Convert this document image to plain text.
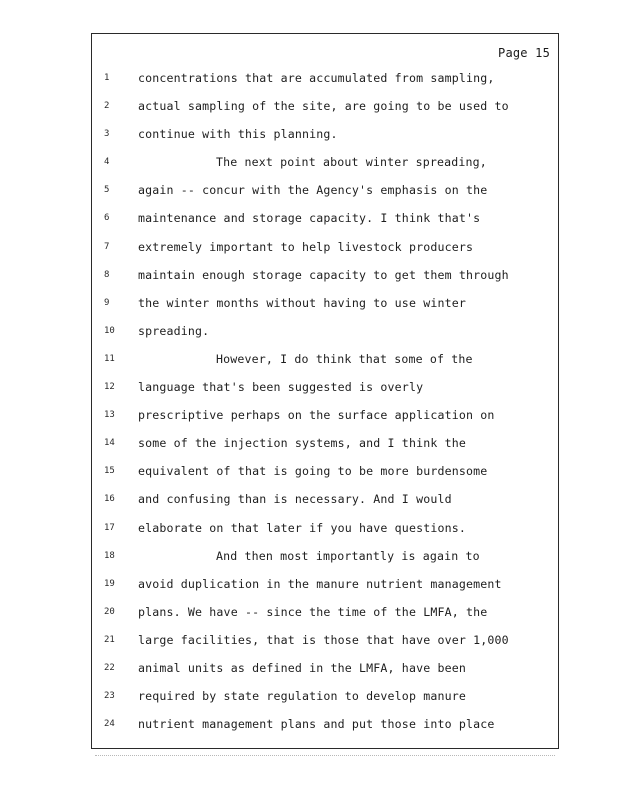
Page 15
1	concentrations that are accumulated from sampling,
2	actual sampling of the site, are going to be used to
3	continue with this planning.
4	The next point about winter spreading,
5	again -- concur with the Agency's emphasis on the
6	maintenance and storage capacity. I think that's
7	extremely important to help livestock producers
8	maintain enough storage capacity to get them through
9	the winter months without having to use winter
10 spreading.
11	However, I do think that some of the
12 language that's been suggested is overly
13 prescriptive perhaps on the surface application on
14 some of the injection systems, and I think the
15 equivalent of that is going to be more burdensome
16 and confusing than is necessary. And I would
17 elaborate on that later if you have questions.
18	And then most importantly is again to
19 avoid duplication in the manure nutrient management
20 plans. We have -- since the time of the LMFA, the
21 large facilities, that is those that have over 1,000
22 animal units as defined in the LMFA, have been
23 required by state regulation to develop manure
24 nutrient management plans and put those into place
